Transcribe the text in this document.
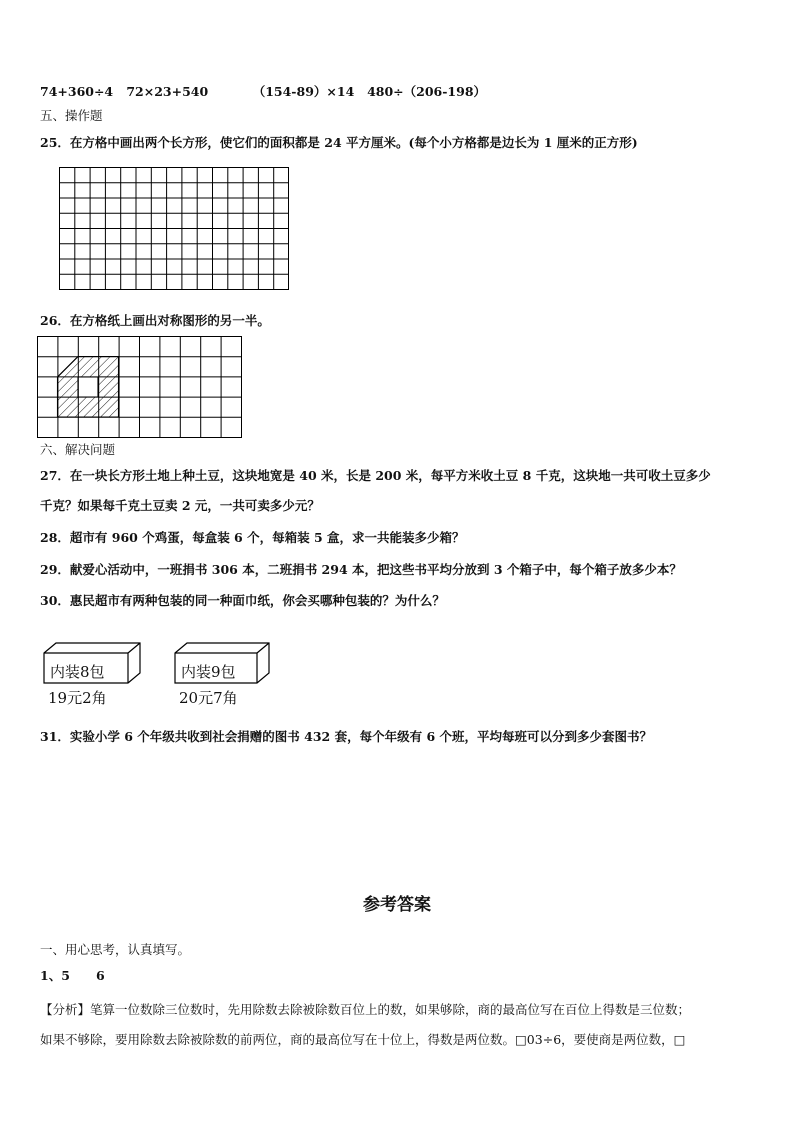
74+360÷4 72×23+540	（154-89）×14 480÷（206-198）
五、操作题
25．在方格中画出两个长方形，使它们的面积都是 24 平方厘米。(每个小方格都是边长为 1 厘米的正方形)
26．在方格纸上画出对称图形的另一半。
六、解决问题
27．在一块长方形土地上种土豆，这块地宽是 40 米，长是 200 米，每平方米收土豆 8 千克，这块地一共可收土豆多少
千克？如果每千克土豆卖 2 元，一共可卖多少元？
28．超市有 960 个鸡蛋，每盒装 6 个，每箱装 5 盒，求一共能装多少箱？
29．献爱心活动中，一班捐书 306 本，二班捐书 294 本，把这些书平均分放到 3 个箱子中，每个箱子放多少本？
30．惠民超市有两种包装的同一种面巾纸，你会买哪种包装的？为什么？
内装8包
19元2角
内装9包
20元7角
31．实验小学 6 个年级共收到社会捐赠的图书 432 套，每个年级有 6 个班，平均每班可以分到多少套图书？
参考答案
一、用心思考，认真填写。
1、5      6
【分析】笔算一位数除三位数时，先用除数去除被除数百位上的数，如果够除，商的最高位写在百位上得数是三位数；
如果不够除，要用除数去除被除数的前两位，商的最高位写在十位上，得数是两位数。□03÷6，要使商是两位数，□
